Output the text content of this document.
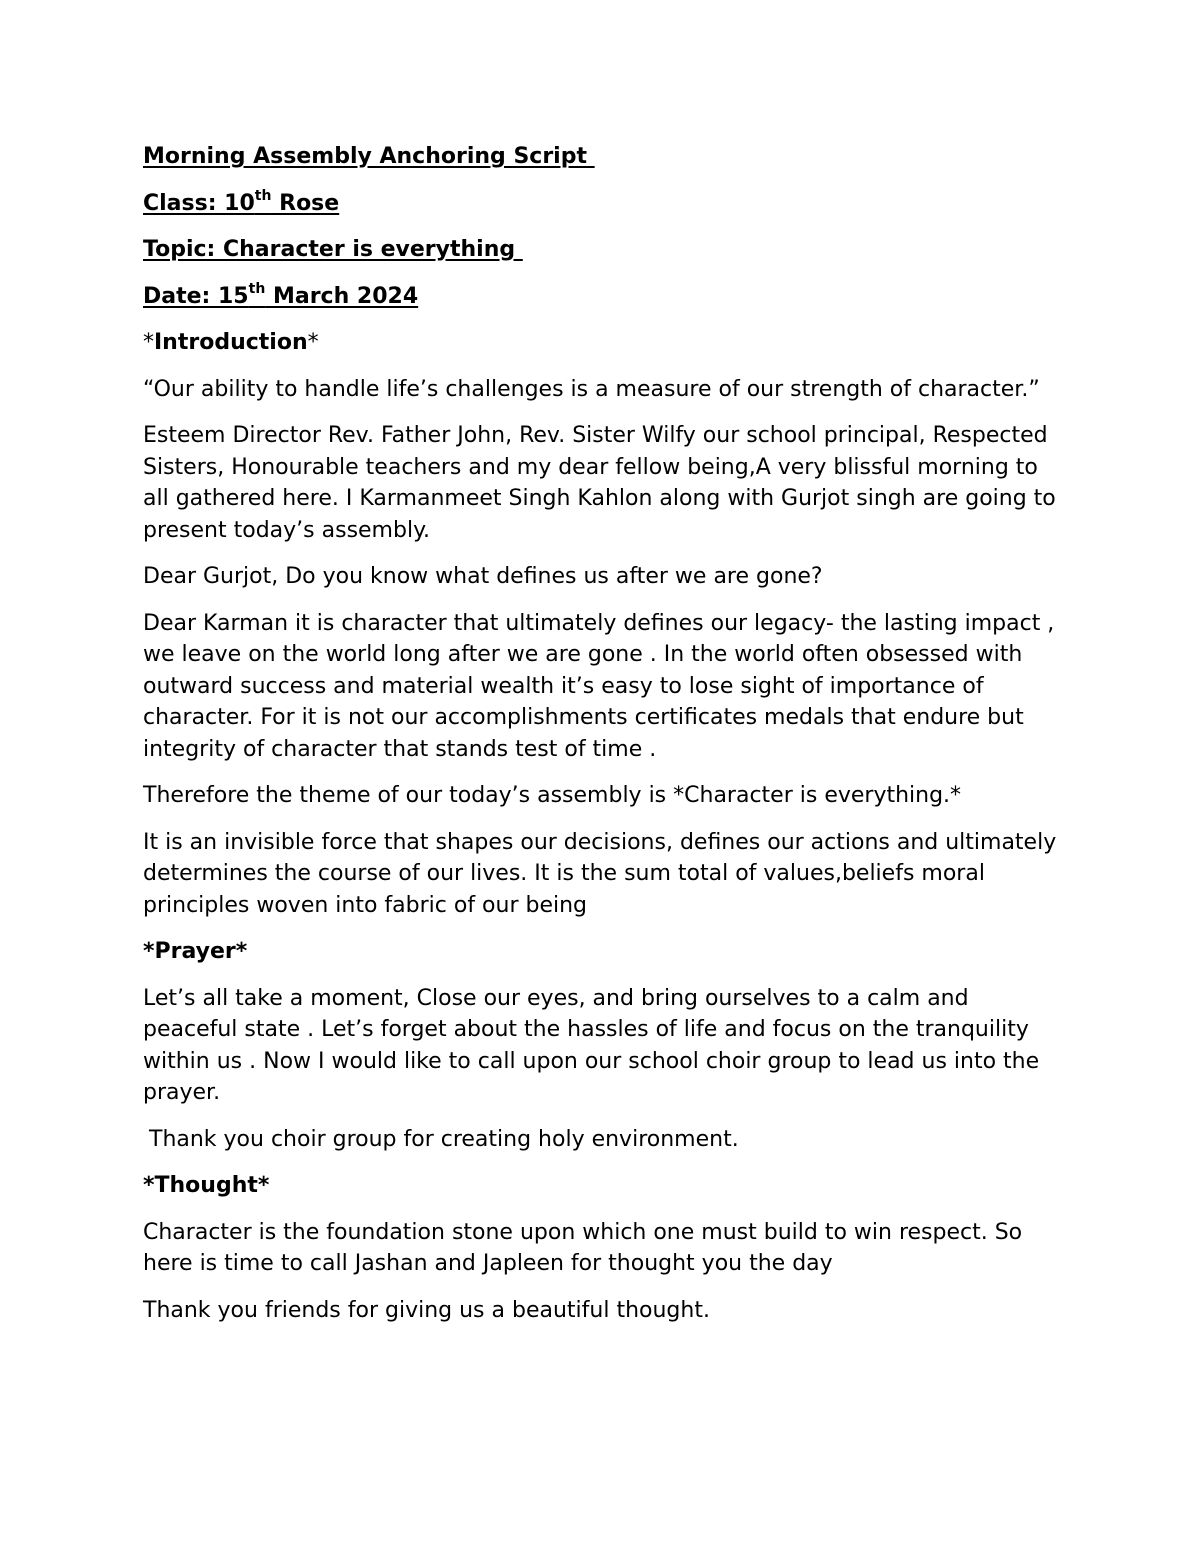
Morning Assembly Anchoring Script
Class: 10th Rose
Topic: Character is everything
Date: 15th March 2024
*Introduction*

“Our ability to handle life’s challenges is a measure of our strength of character.”

Esteem Director Rev. Father John, Rev. Sister Wilfy our school principal, Respected Sisters, Honourable teachers and my dear fellow being,A very blissful morning to all gathered here. I Karmanmeet Singh Kahlon along with Gurjot singh are going to present today’s assembly.

Dear Gurjot, Do you know what defines us after we are gone?

Dear Karman it is character that ultimately defines our legacy- the lasting impact , we leave on the world long after we are gone . In the world often obsessed with outward success and material wealth it’s easy to lose sight of importance of character. For it is not our accomplishments certificates medals that endure but integrity of character that stands test of time .

Therefore the theme of our today’s assembly is *Character is everything.*

It is an invisible force that shapes our decisions, defines our actions and ultimately determines the course of our lives. It is the sum total of values,beliefs moral principles woven into fabric of our being

*Prayer*

Let’s all take a moment, Close our eyes, and bring ourselves to a calm and peaceful state . Let’s forget about the hassles of life and focus on the tranquility within us . Now I would like to call upon our school choir group to lead us into the prayer.

Thank you choir group for creating holy environment.

*Thought*

Character is the foundation stone upon which one must build to win respect. So here is time to call Jashan and Japleen for thought you the day

Thank you friends for giving us a beautiful thought.
